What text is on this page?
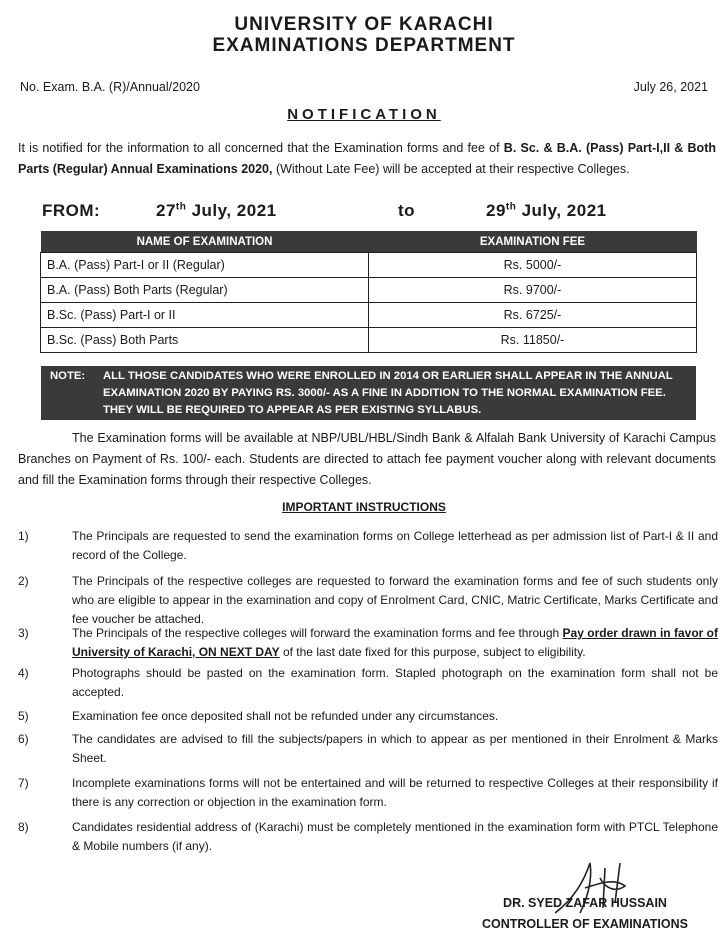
UNIVERSITY OF KARACHI
EXAMINATIONS DEPARTMENT
No. Exam. B.A. (R)/Annual/2020	July 26, 2021
NOTIFICATION
It is notified for the information to all concerned that the Examination forms and fee of B. Sc. & B.A. (Pass) Part-I,II & Both Parts (Regular) Annual Examinations 2020, (Without Late Fee) will be accepted at their respective Colleges.
FROM:	27th July, 2021	to	29th July, 2021
NAME OF EXAMINATION	EXAMINATION FEE
B.A. (Pass) Part-I or II (Regular)	Rs. 5000/-
B.A. (Pass) Both Parts (Regular)	Rs. 9700/-
B.Sc. (Pass) Part-I or II	Rs. 6725/-
B.Sc. (Pass) Both Parts	Rs. 11850/-
NOTE: ALL THOSE CANDIDATES WHO WERE ENROLLED IN 2014 OR EARLIER SHALL APPEAR IN THE ANNUAL EXAMINATION 2020 BY PAYING RS. 3000/- AS A FINE IN ADDITION TO THE NORMAL EXAMINATION FEE. THEY WILL BE REQUIRED TO APPEAR AS PER EXISTING SYLLABUS.
The Examination forms will be available at NBP/UBL/HBL/Sindh Bank & Alfalah Bank University of Karachi Campus Branches on Payment of Rs. 100/- each. Students are directed to attach fee payment voucher along with relevant documents and fill the Examination forms through their respective Colleges.
IMPORTANT INSTRUCTIONS
1)	The Principals are requested to send the examination forms on College letterhead as per admission list of Part-I & II and record of the College.
2)	The Principals of the respective colleges are requested to forward the examination forms and fee of such students only who are eligible to appear in the examination and copy of Enrolment Card, CNIC, Matric Certificate, Marks Certificate and fee voucher be attached.
3)	The Principals of the respective colleges will forward the examination forms and fee through Pay order drawn in favor of University of Karachi, ON NEXT DAY of the last date fixed for this purpose, subject to eligibility.
4)	Photographs should be pasted on the examination form. Stapled photograph on the examination form shall not be accepted.
5)	Examination fee once deposited shall not be refunded under any circumstances.
6)	The candidates are advised to fill the subjects/papers in which to appear as per mentioned in their Enrolment & Marks Sheet.
7)	Incomplete examinations forms will not be entertained and will be returned to respective Colleges at their responsibility if there is any correction or objection in the examination form.
8)	Candidates residential address of (Karachi) must be completely mentioned in the examination form with PTCL Telephone & Mobile numbers (if any).
DR. SYED ZAFAR HUSSAIN
CONTROLLER OF EXAMINATIONS
